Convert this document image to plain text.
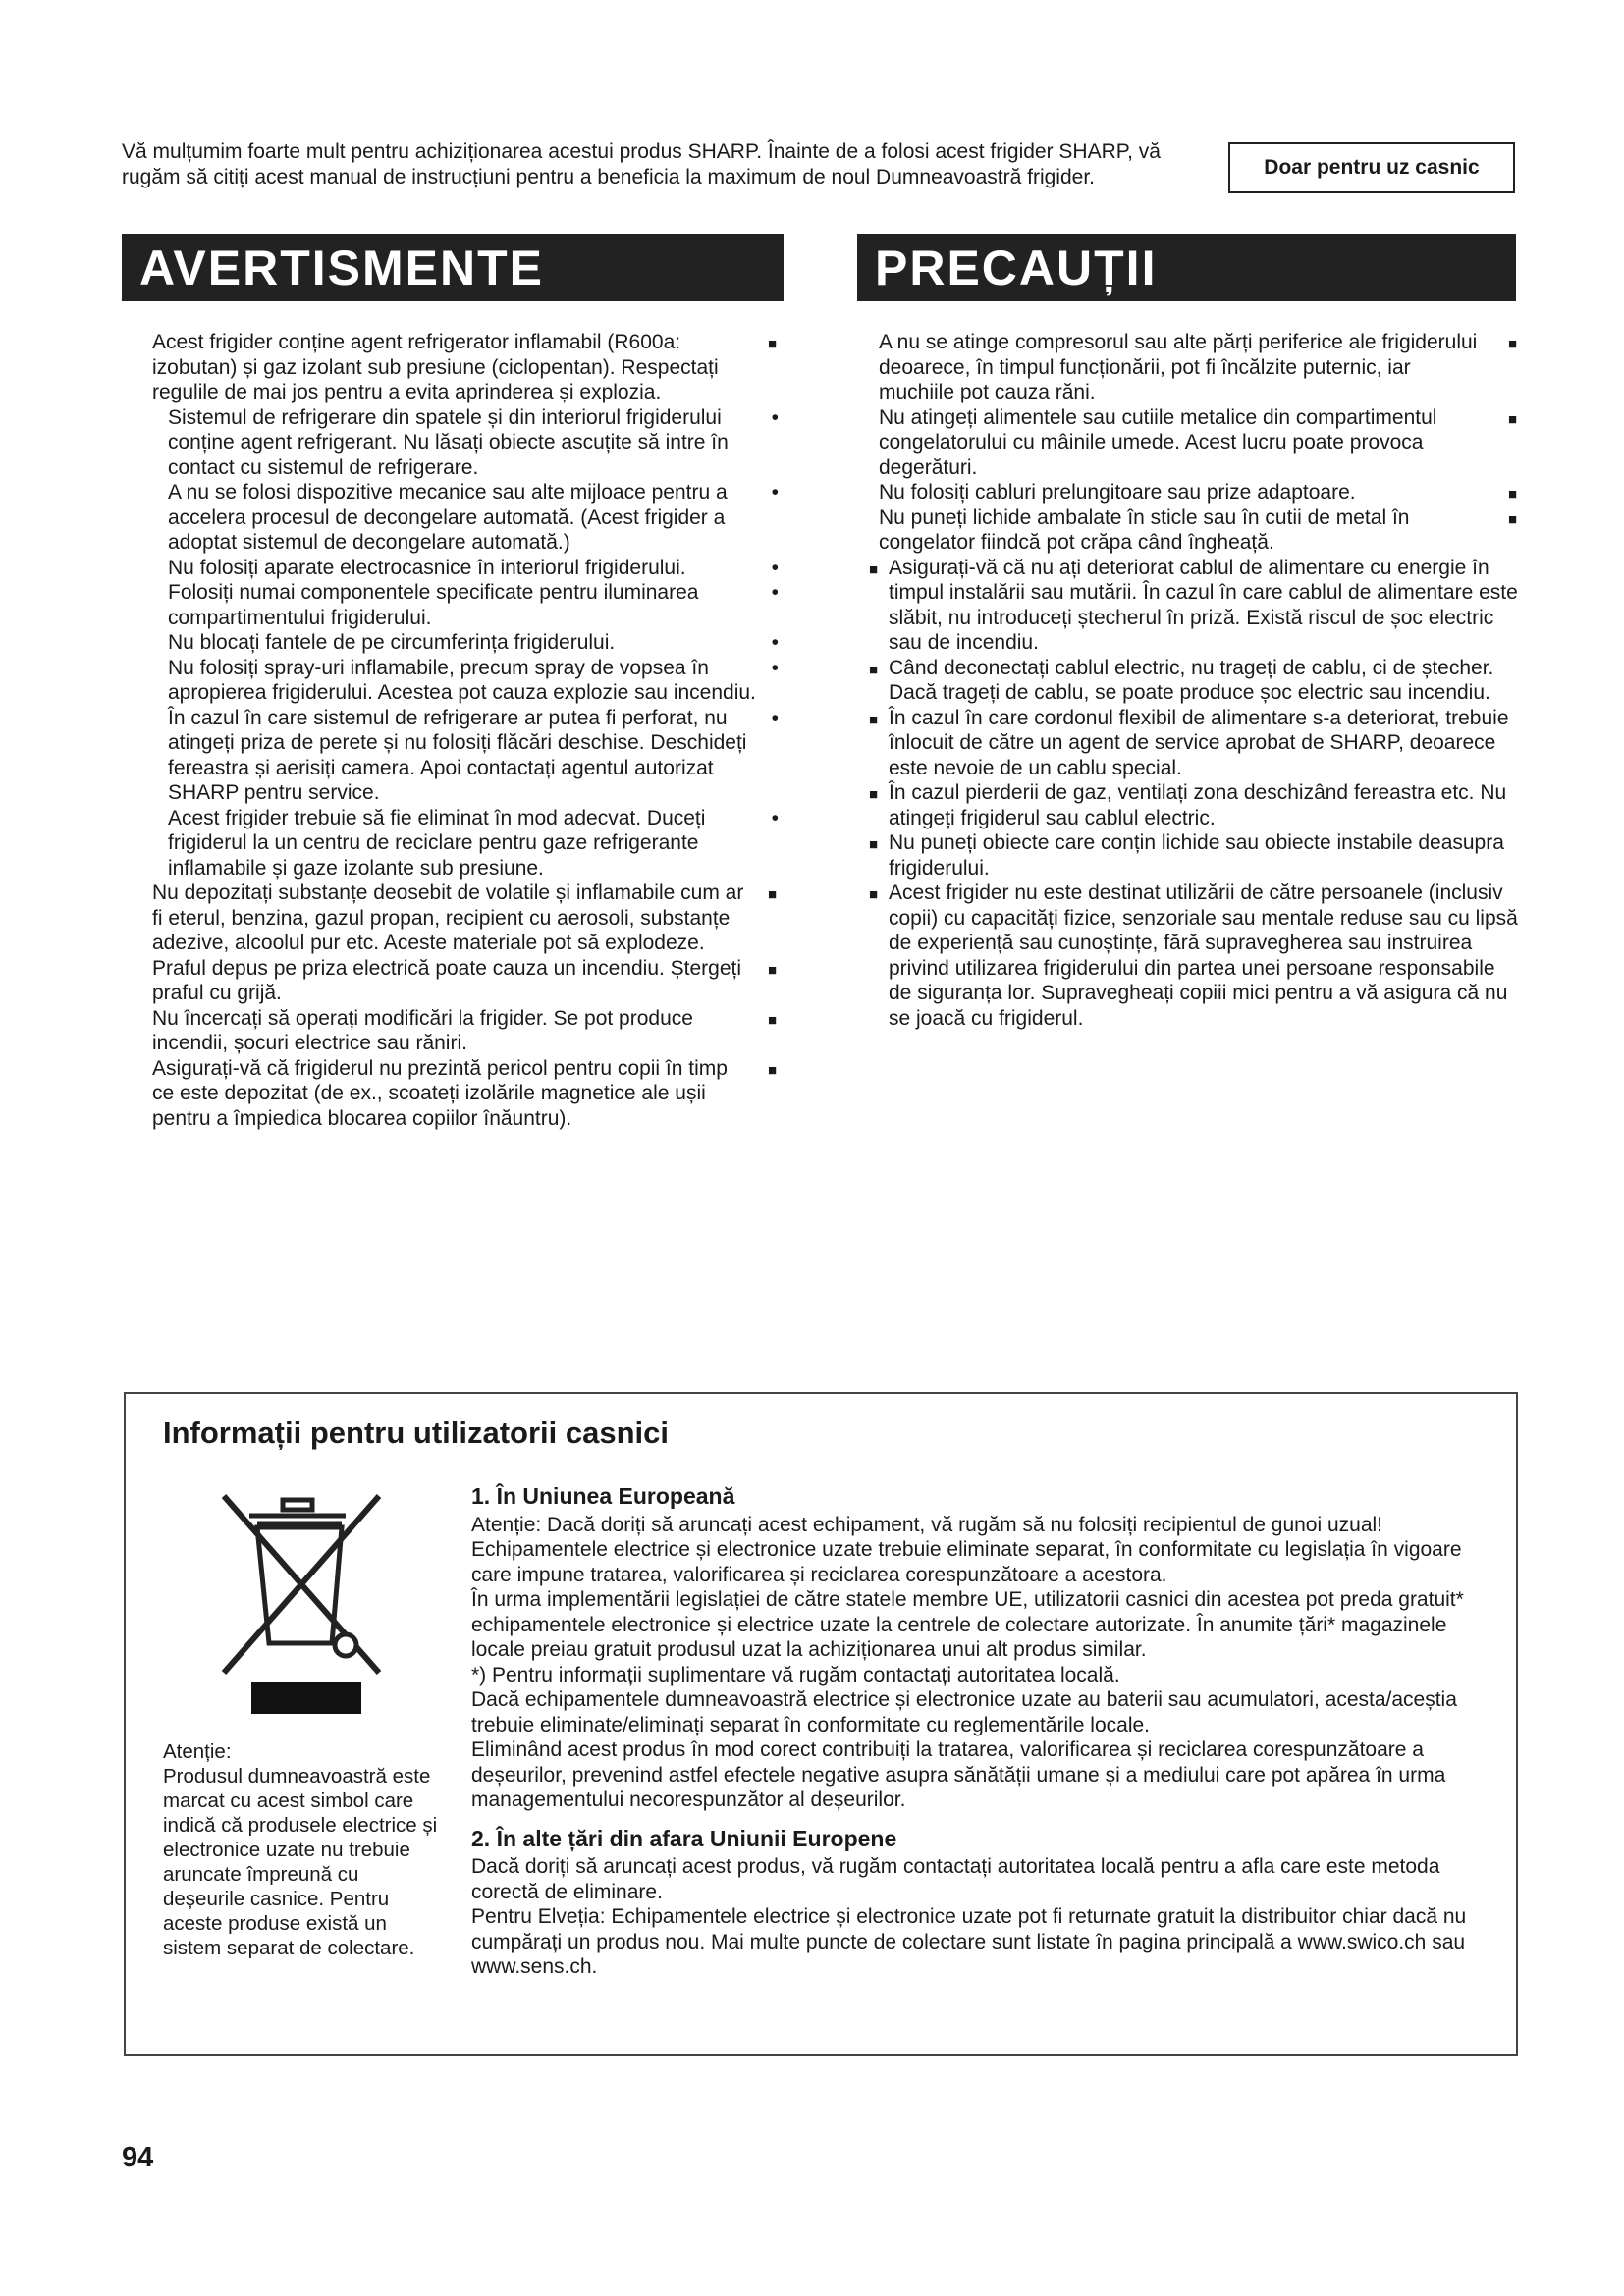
Vă mulțumim foarte mult pentru achiziționarea acestui produs SHARP. Înainte de a folosi acest frigider SHARP, vă rugăm să citiți acest manual de instrucțiuni pentru a beneficia la maximum de noul Dumneavoastră frigider.	Doar pentru uz casnic
AVERTISMENTE	PRECAUȚII

Acest frigider conține agent refrigerator inflamabil (R600a: izobutan) și gaz izolant sub presiune (ciclopentan). Respectați regulile de mai jos pentru a evita aprinderea și explozia.
■

Sistemul de refrigerare din spatele și din interiorul frigiderului conține agent refrigerant. Nu lăsați obiecte ascuțite să intre în contact cu sistemul de refrigerare.
•

A nu se folosi dispozitive mecanice sau alte mijloace pentru a accelera procesul de decongelare automată. (Acest frigider a adoptat sistemul de decongelare automată.)
•

Nu folosiți aparate electrocasnice în interiorul frigiderului.	•

Folosiți numai componentele specificate pentru iluminarea compartimentului frigiderului.
•

Nu blocați fantele de pe circumferința frigiderului.	•

Nu folosiți spray-uri inflamabile, precum spray de vopsea în apropierea frigiderului. Acestea pot cauza explozie sau incendiu.
•

În cazul în care sistemul de refrigerare ar putea fi perforat, nu atingeți priza de perete și nu folosiți flăcări deschise. Deschideți fereastra și aerisiți camera. Apoi contactați agentul autorizat SHARP pentru service.
•

Acest frigider trebuie să fie eliminat în mod adecvat. Duceți frigiderul la un centru de reciclare pentru gaze refrigerante inflamabile și gaze izolante sub presiune.
•

Nu depozitați substanțe deosebit de volatile și inflamabile cum ar fi eterul, benzina, gazul propan, recipient cu aerosoli, substanțe adezive, alcoolul pur etc. Aceste materiale pot să explodeze.
■

Praful depus pe priza electrică poate cauza un incendiu. Ștergeți praful cu grijă.
■

Nu încercați să operați modificări la frigider. Se pot produce incendii, șocuri electrice sau răniri.
■

Asigurați-vă că frigiderul nu prezintă pericol pentru copii în timp ce este depozitat (de ex., scoateți izolările magnetice ale ușii pentru a împiedica blocarea copiilor înăuntru).
■

A nu se atinge compresorul sau alte părți periferice ale frigiderului deoarece, în timpul funcționării, pot fi încălzite puternic, iar muchiile pot cauza răni.
■

Nu atingeți alimentele sau cutiile metalice din compartimentul congelatorului cu mâinile umede. Acest lucru poate provoca degerături.
■

Nu folosiți cabluri prelungitoare sau prize adaptoare.	■

Nu puneți lichide ambalate în sticle sau în cutii de metal în congelator fiindcă pot crăpa când îngheață.
■

■ Asigurați-vă că nu ați deteriorat cablul de alimentare cu energie în timpul instalării sau mutării. În cazul în care cablul de alimentare este slăbit, nu introduceți ștecherul în priză. Există riscul de șoc electric sau de incendiu.

■ Când deconectați cablul electric, nu trageți de cablu, ci de ștecher. Dacă trageți de cablu, se poate produce șoc electric sau incendiu.

■ În cazul în care cordonul flexibil de alimentare s-a deteriorat, trebuie înlocuit de către un agent de service aprobat de SHARP, deoarece este nevoie de un cablu special.

■ În cazul pierderii de gaz, ventilați zona deschizând fereastra etc. Nu atingeți frigiderul sau cablul electric.

■ Nu puneți obiecte care conțin lichide sau obiecte instabile deasupra frigiderului.

■ Acest frigider nu este destinat utilizării de către persoanele (inclusiv copii) cu capacități fizice, senzoriale sau mentale reduse sau cu lipsă de experiență sau cunoștințe, fără supravegherea sau instruirea privind utilizarea frigiderului din partea unei persoane responsabile de siguranța lor. Supravegheați copiii mici pentru a vă asigura că nu se joacă cu frigiderul.

Informații pentru utilizatorii casnici

Atenție:

Produsul dumneavoastră este marcat cu acest simbol care indică că produsele electrice și electronice uzate nu trebuie aruncate împreună cu deșeurile casnice. Pentru aceste produse există un sistem separat de colectare.

1. În Uniunea Europeană

Atenție: Dacă doriți să aruncați acest echipament, vă rugăm să nu folosiți recipientul de gunoi uzual!

Echipamentele electrice și electronice uzate trebuie eliminate separat, în conformitate cu legislația în vigoare care impune tratarea, valorificarea și reciclarea corespunzătoare a acestora.

În urma implementării legislației de către statele membre UE, utilizatorii casnici din acestea pot preda gratuit* echipamentele electronice și electrice uzate la centrele de colectare autorizate. În anumite țări* magazinele locale preiau gratuit produsul uzat la achiziționarea unui alt produs similar.

*) Pentru informații suplimentare vă rugăm contactați autoritatea locală.

Dacă echipamentele dumneavoastră electrice și electronice uzate au baterii sau acumulatori, acesta/aceștia trebuie eliminate/eliminați separat în conformitate cu reglementările locale.

Eliminând acest produs în mod corect contribuiți la tratarea, valorificarea și reciclarea corespunzătoare a deșeurilor, prevenind astfel efectele negative asupra sănătății umane și a mediului care pot apărea în urma managementului necorespunzător al deșeurilor.

2. În alte țări din afara Uniunii Europene

Dacă doriți să aruncați acest produs, vă rugăm contactați autoritatea locală pentru a afla care este metoda corectă de eliminare.

Pentru Elveția: Echipamentele electrice și electronice uzate pot fi returnate gratuit la distribuitor chiar dacă nu cumpărați un produs nou. Mai multe puncte de colectare sunt listate în pagina principală a www.swico.ch sau www.sens.ch.

94
